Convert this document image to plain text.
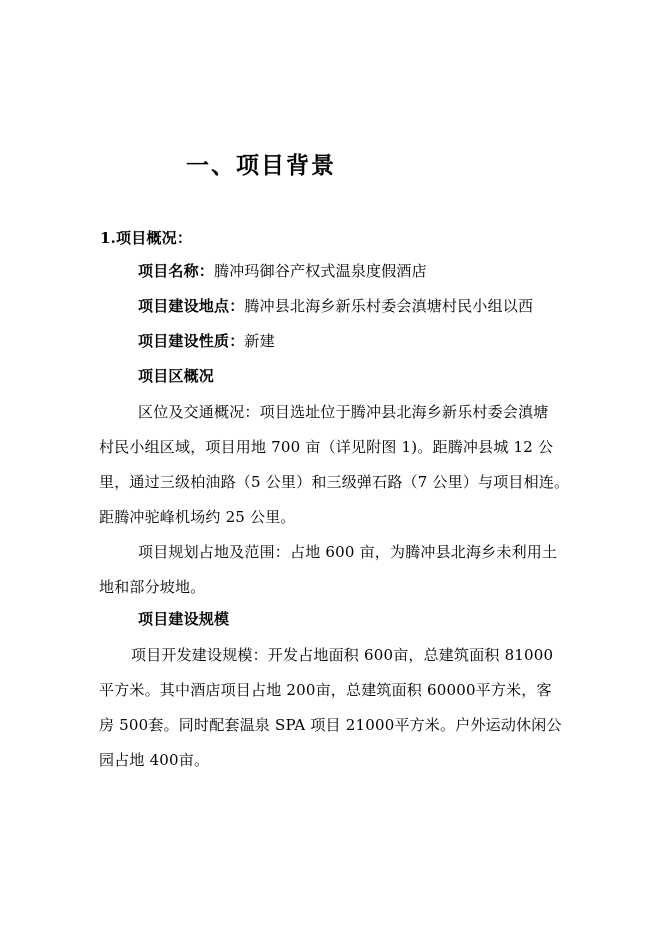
一、项目背景
1.项目概况：
项目名称：腾冲玛御谷产权式温泉度假酒店
项目建设地点：腾冲县北海乡新乐村委会滇塘村民小组以西
项目建设性质：新建
项目区概况
区位及交通概况：项目选址位于腾冲县北海乡新乐村委会滇塘
村民小组区域，项目用地 700 亩（详见附图 1)。距腾冲县城 12 公
里，通过三级柏油路（5 公里）和三级弹石路（7 公里）与项目相连。
距腾冲驼峰机场约 25 公里。
项目规划占地及范围：占地 600 亩，为腾冲县北海乡未利用土
地和部分坡地。
项目建设规模
项目开发建设规模：开发占地面积 600亩，总建筑面积 81000
平方米。其中酒店项目占地 200亩，总建筑面积 60000平方米，客
房 500套。同时配套温泉 SPA 项目 21000平方米。户外运动休闲公
园占地 400亩。
